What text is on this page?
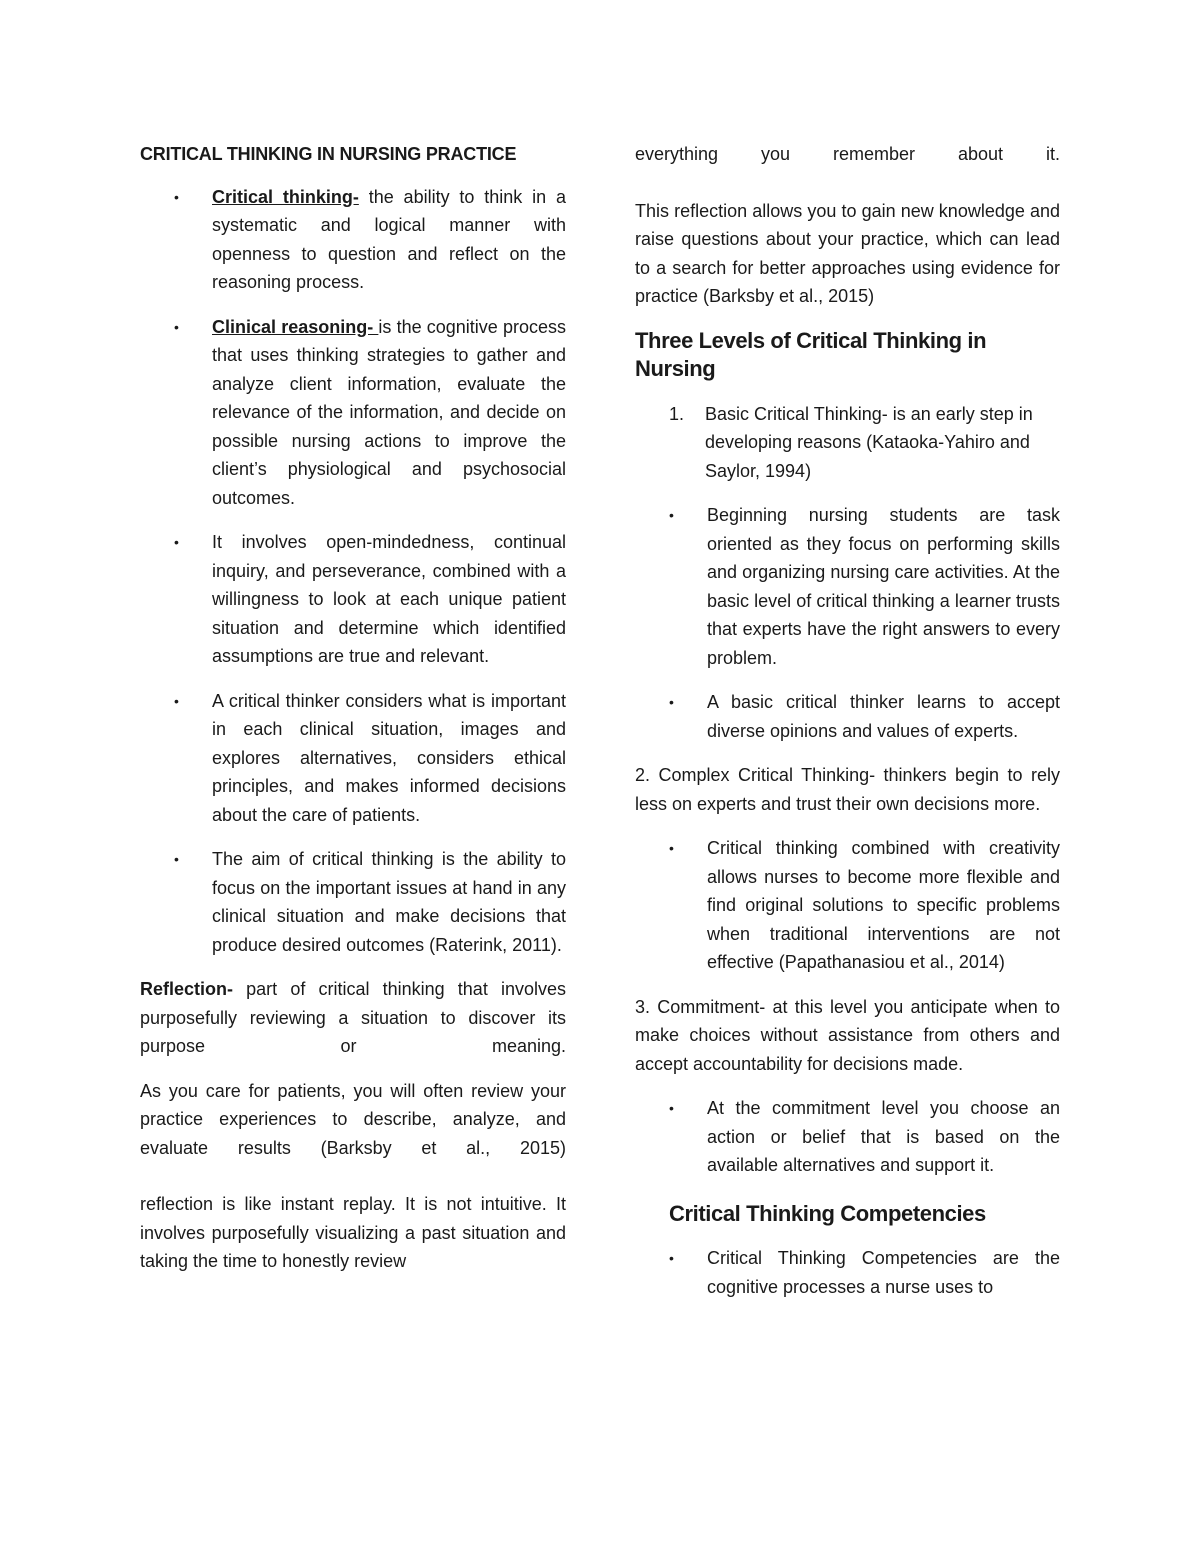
CRITICAL THINKING IN NURSING PRACTICE
• Critical thinking- the ability to think in a systematic and logical manner with openness to question and reflect on the reasoning process.
• Clinical reasoning- is the cognitive process that uses thinking strategies to gather and analyze client information, evaluate the relevance of the information, and decide on possible nursing actions to improve the client’s physiological and psychosocial outcomes.
• It involves open-mindedness, continual inquiry, and perseverance, combined with a willingness to look at each unique patient situation and determine which identified assumptions are true and relevant.
• A critical thinker considers what is important in each clinical situation, images and explores alternatives, considers ethical principles, and makes informed decisions about the care of patients.
• The aim of critical thinking is the ability to focus on the important issues at hand in any clinical situation and make decisions that produce desired outcomes (Raterink, 2011).

Reflection- part of critical thinking that involves purposefully reviewing a situation to discover its purpose or meaning.

As you care for patients, you will often review your practice experiences to describe, analyze, and evaluate results (Barksby et al., 2015)

reflection is like instant replay. It is not intuitive. It involves purposefully visualizing a past situation and taking the time to honestly review

everything you remember about it.

This reflection allows you to gain new knowledge and raise questions about your practice, which can lead to a search for better approaches using evidence for practice (Barksby et al., 2015)

Three Levels of Critical Thinking in Nursing
1. Basic Critical Thinking- is an early step in developing reasons (Kataoka-Yahiro and Saylor, 1994)
• Beginning nursing students are task oriented as they focus on performing skills and organizing nursing care activities. At the basic level of critical thinking a learner trusts that experts have the right answers to every problem.
• A basic critical thinker learns to accept diverse opinions and values of experts.

2. Complex Critical Thinking- thinkers begin to rely less on experts and trust their own decisions more.

• Critical thinking combined with creativity allows nurses to become more flexible and find original solutions to specific problems when traditional interventions are not effective (Papathanasiou et al., 2014)

3. Commitment- at this level you anticipate when to make choices without assistance from others and accept accountability for decisions made.

• At the commitment level you choose an action or belief that is based on the available alternatives and support it.
Critical Thinking Competencies
• Critical Thinking Competencies are the cognitive processes a nurse uses to
